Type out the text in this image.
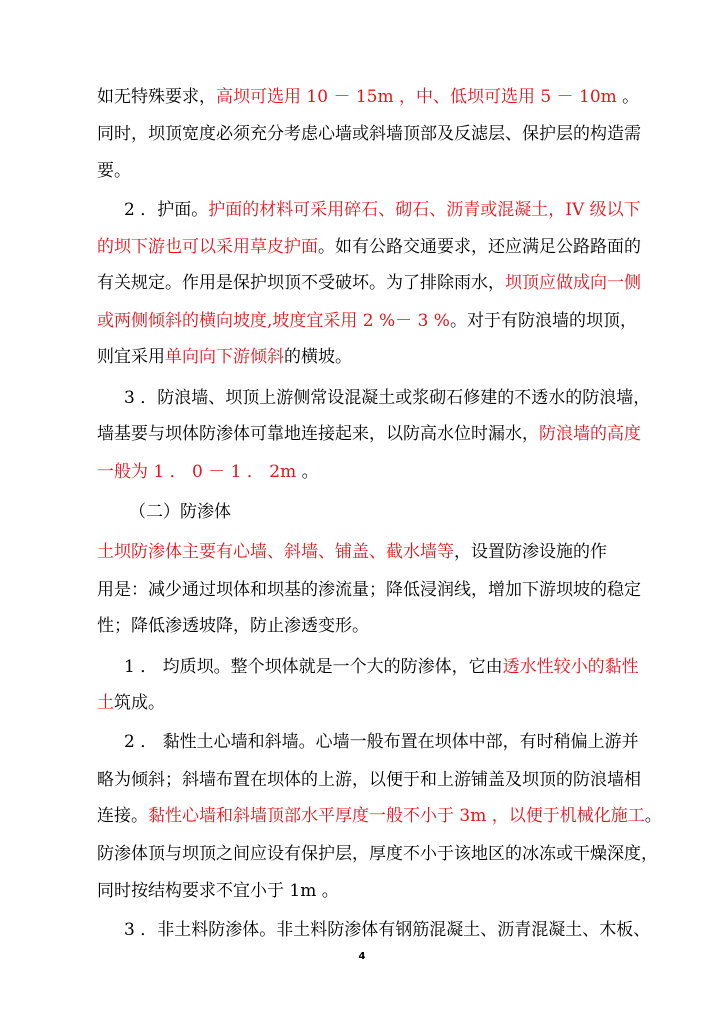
如无特殊要求，高坝可选用 10 － 15m ，中、低坝可选用 5 － 10m 。
同时，坝顶宽度必须充分考虑心墙或斜墙顶部及反滤层、保护层的构造需
要。
2 ．护面。护面的材料可采用碎石、砌石、沥青或混凝土，IV 级以下
的坝下游也可以采用草皮护面。如有公路交通要求，还应满足公路路面的
有关规定。作用是保护坝顶不受破坏。为了排除雨水，坝顶应做成向一侧
或两侧倾斜的横向坡度,坡度宜采用 2 %－ 3 %。对于有防浪墙的坝顶，
则宜采用单向向下游倾斜的横坡。
3 ．防浪墙、坝顶上游侧常设混凝土或浆砌石修建的不透水的防浪墙，
墙基要与坝体防渗体可靠地连接起来，以防高水位时漏水，防浪墙的高度
一般为 1 ． 0 － 1 ． 2m 。
（二）防渗体
土坝防渗体主要有心墙、斜墙、铺盖、截水墙等，设置防渗设施的作
用是：减少通过坝体和坝基的渗流量；降低浸润线，增加下游坝坡的稳定
性；降低渗透坡降，防止渗透变形。
1 ． 均质坝。整个坝体就是一个大的防渗体，它由透水性较小的黏性
土筑成。
2 ． 黏性土心墙和斜墙。心墙一般布置在坝体中部，有时稍偏上游并
略为倾斜；斜墙布置在坝体的上游，以便于和上游铺盖及坝顶的防浪墙相
连接。黏性心墙和斜墙顶部水平厚度一般不小于 3m ，以便于机械化施工。
防渗体顶与坝顶之间应设有保护层，厚度不小于该地区的冰冻或干燥深度，
同时按结构要求不宜小于 1m 。
3 ．非土料防渗体。非土料防渗体有钢筋混凝土、沥青混凝土、木板、
4
